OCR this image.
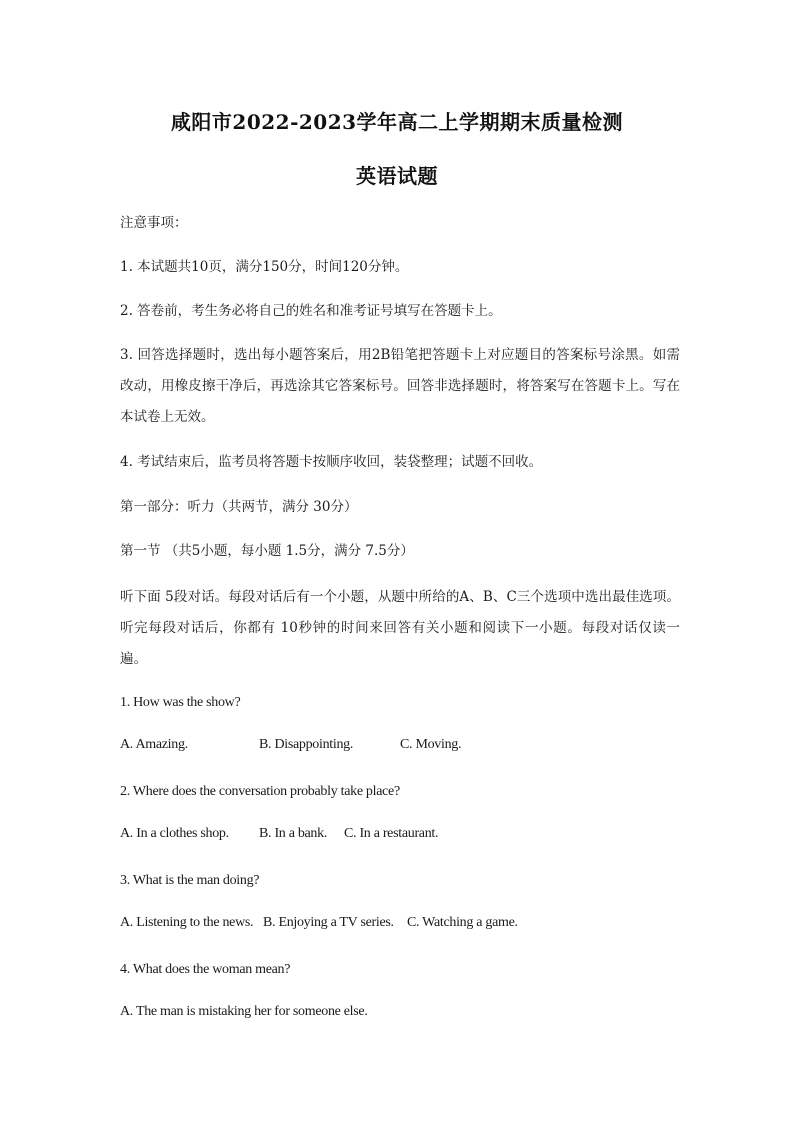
咸阳市2022-2023学年高二上学期期末质量检测
英语试题
注意事项：
1. 本试题共10页，满分150分，时间120分钟。
2. 答卷前，考生务必将自己的姓名和准考证号填写在答题卡上。
3. 回答选择题时，选出每小题答案后，用2B铅笔把答题卡上对应题目的答案标号涂黑。如需改动，用橡皮擦干净后，再选涂其它答案标号。回答非选择题时，将答案写在答题卡上。写在本试卷上无效。
4. 考试结束后，监考员将答题卡按顺序收回，装袋整理；试题不回收。
第一部分：听力（共两节，满分 30分）
第一节 （共5小题，每小题 1.5分，满分 7.5分）
听下面 5段对话。每段对话后有一个小题，从题中所给的A、B、C三个选项中选出最佳选项。听完每段对话后，你都有 10秒钟的时间来回答有关小题和阅读下一小题。每段对话仅读一遍。
1. How was the show?
A. Amazing.	B. Disappointing.	C. Moving.
2. Where does the conversation probably take place?
A. In a clothes shop. B. In a bank. C. In a restaurant.
3. What is the man doing?
A. Listening to the news. B. Enjoying a TV series. C. Watching a game.
4. What does the woman mean?
A. The man is mistaking her for someone else.
